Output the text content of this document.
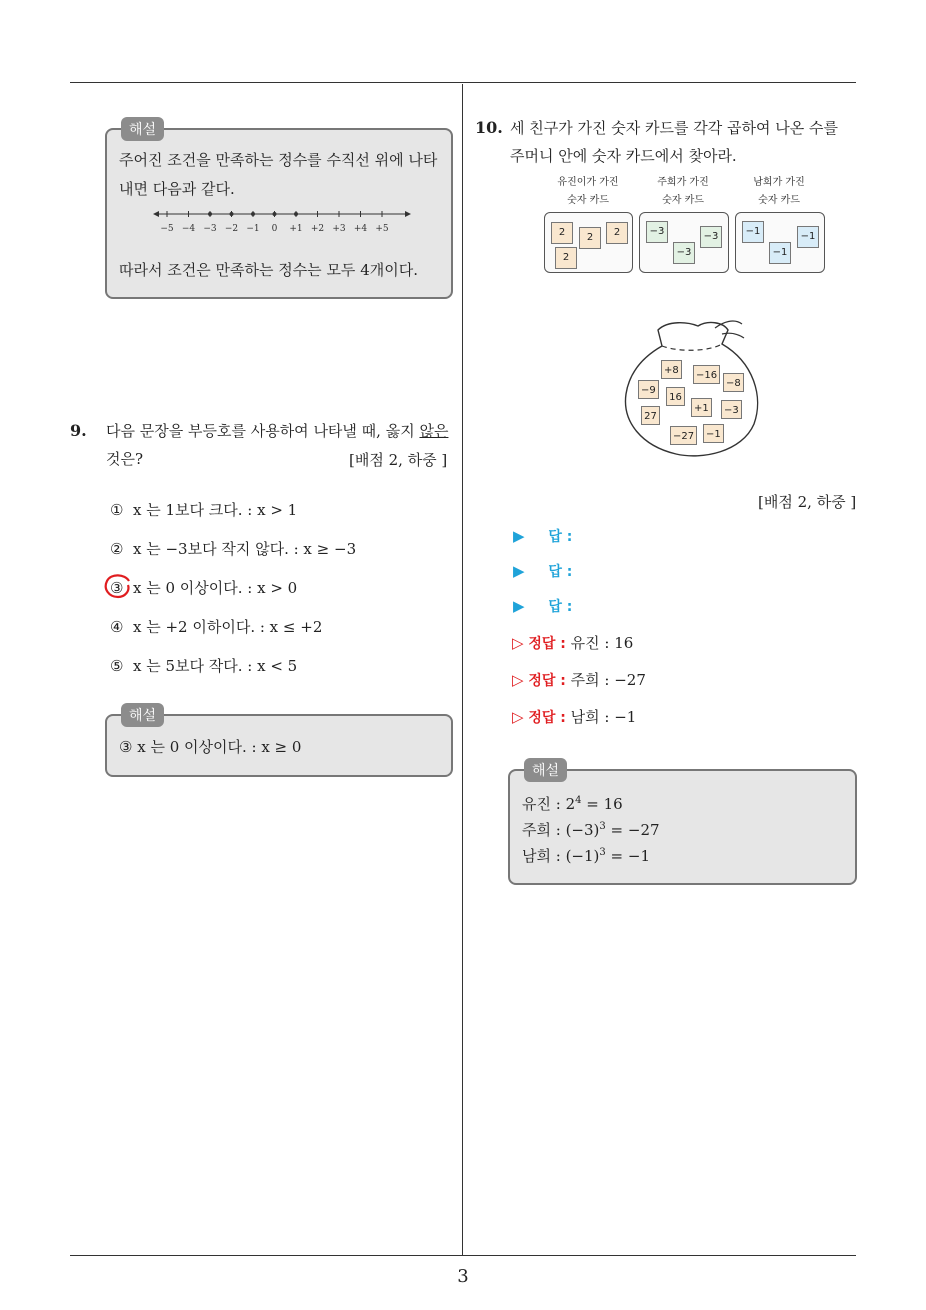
3
해설
주어진 조건을 만족하는 정수를 수직선 위에 나타
내면 다음과 같다.
−5 −4 −3 −2 −1 0 +1 +2 +3 +4 +5
따라서 조건은 만족하는 정수는 모두 4개이다.
9. 다음 문장을 부등호를 사용하여 나타낼 때, 옳지 않은
것은?	[배점 2, 하중 ]
① x 는 1보다 크다. : x > 1
② x 는 −3보다 작지 않다. : x ≥ −3
③ x 는 0 이상이다. : x > 0
④ x 는 +2 이하이다. : x ≤ +2
⑤ x 는 5보다 작다. : x < 5
해설
③ x 는 0 이상이다. : x ≥ 0
10. 세 친구가 가진 숫자 카드를 각각 곱하여 나온 수를
주머니 안에 숫자 카드에서 찾아라.
유진이가 가진
숫자 카드
주희가 가진
숫자 카드
남희가 가진
숫자 카드
2	2	2
2
−3	−3
−3
−1	−1
−1
+8	−16
−8
−9
16
27
+1	−3
−27	−1
[배점 2, 하중 ]
▶ 답 :
▶ 답 :
▶ 답 :
▷ 정답 : 유진 : 16
▷ 정답 : 주희 : −27
▷ 정답 : 남희 : −1
해설
유진 : $2^4 = 16$
주희 : $(-3)^3 = -27$
남희 : $(-1)^3 = -1$
